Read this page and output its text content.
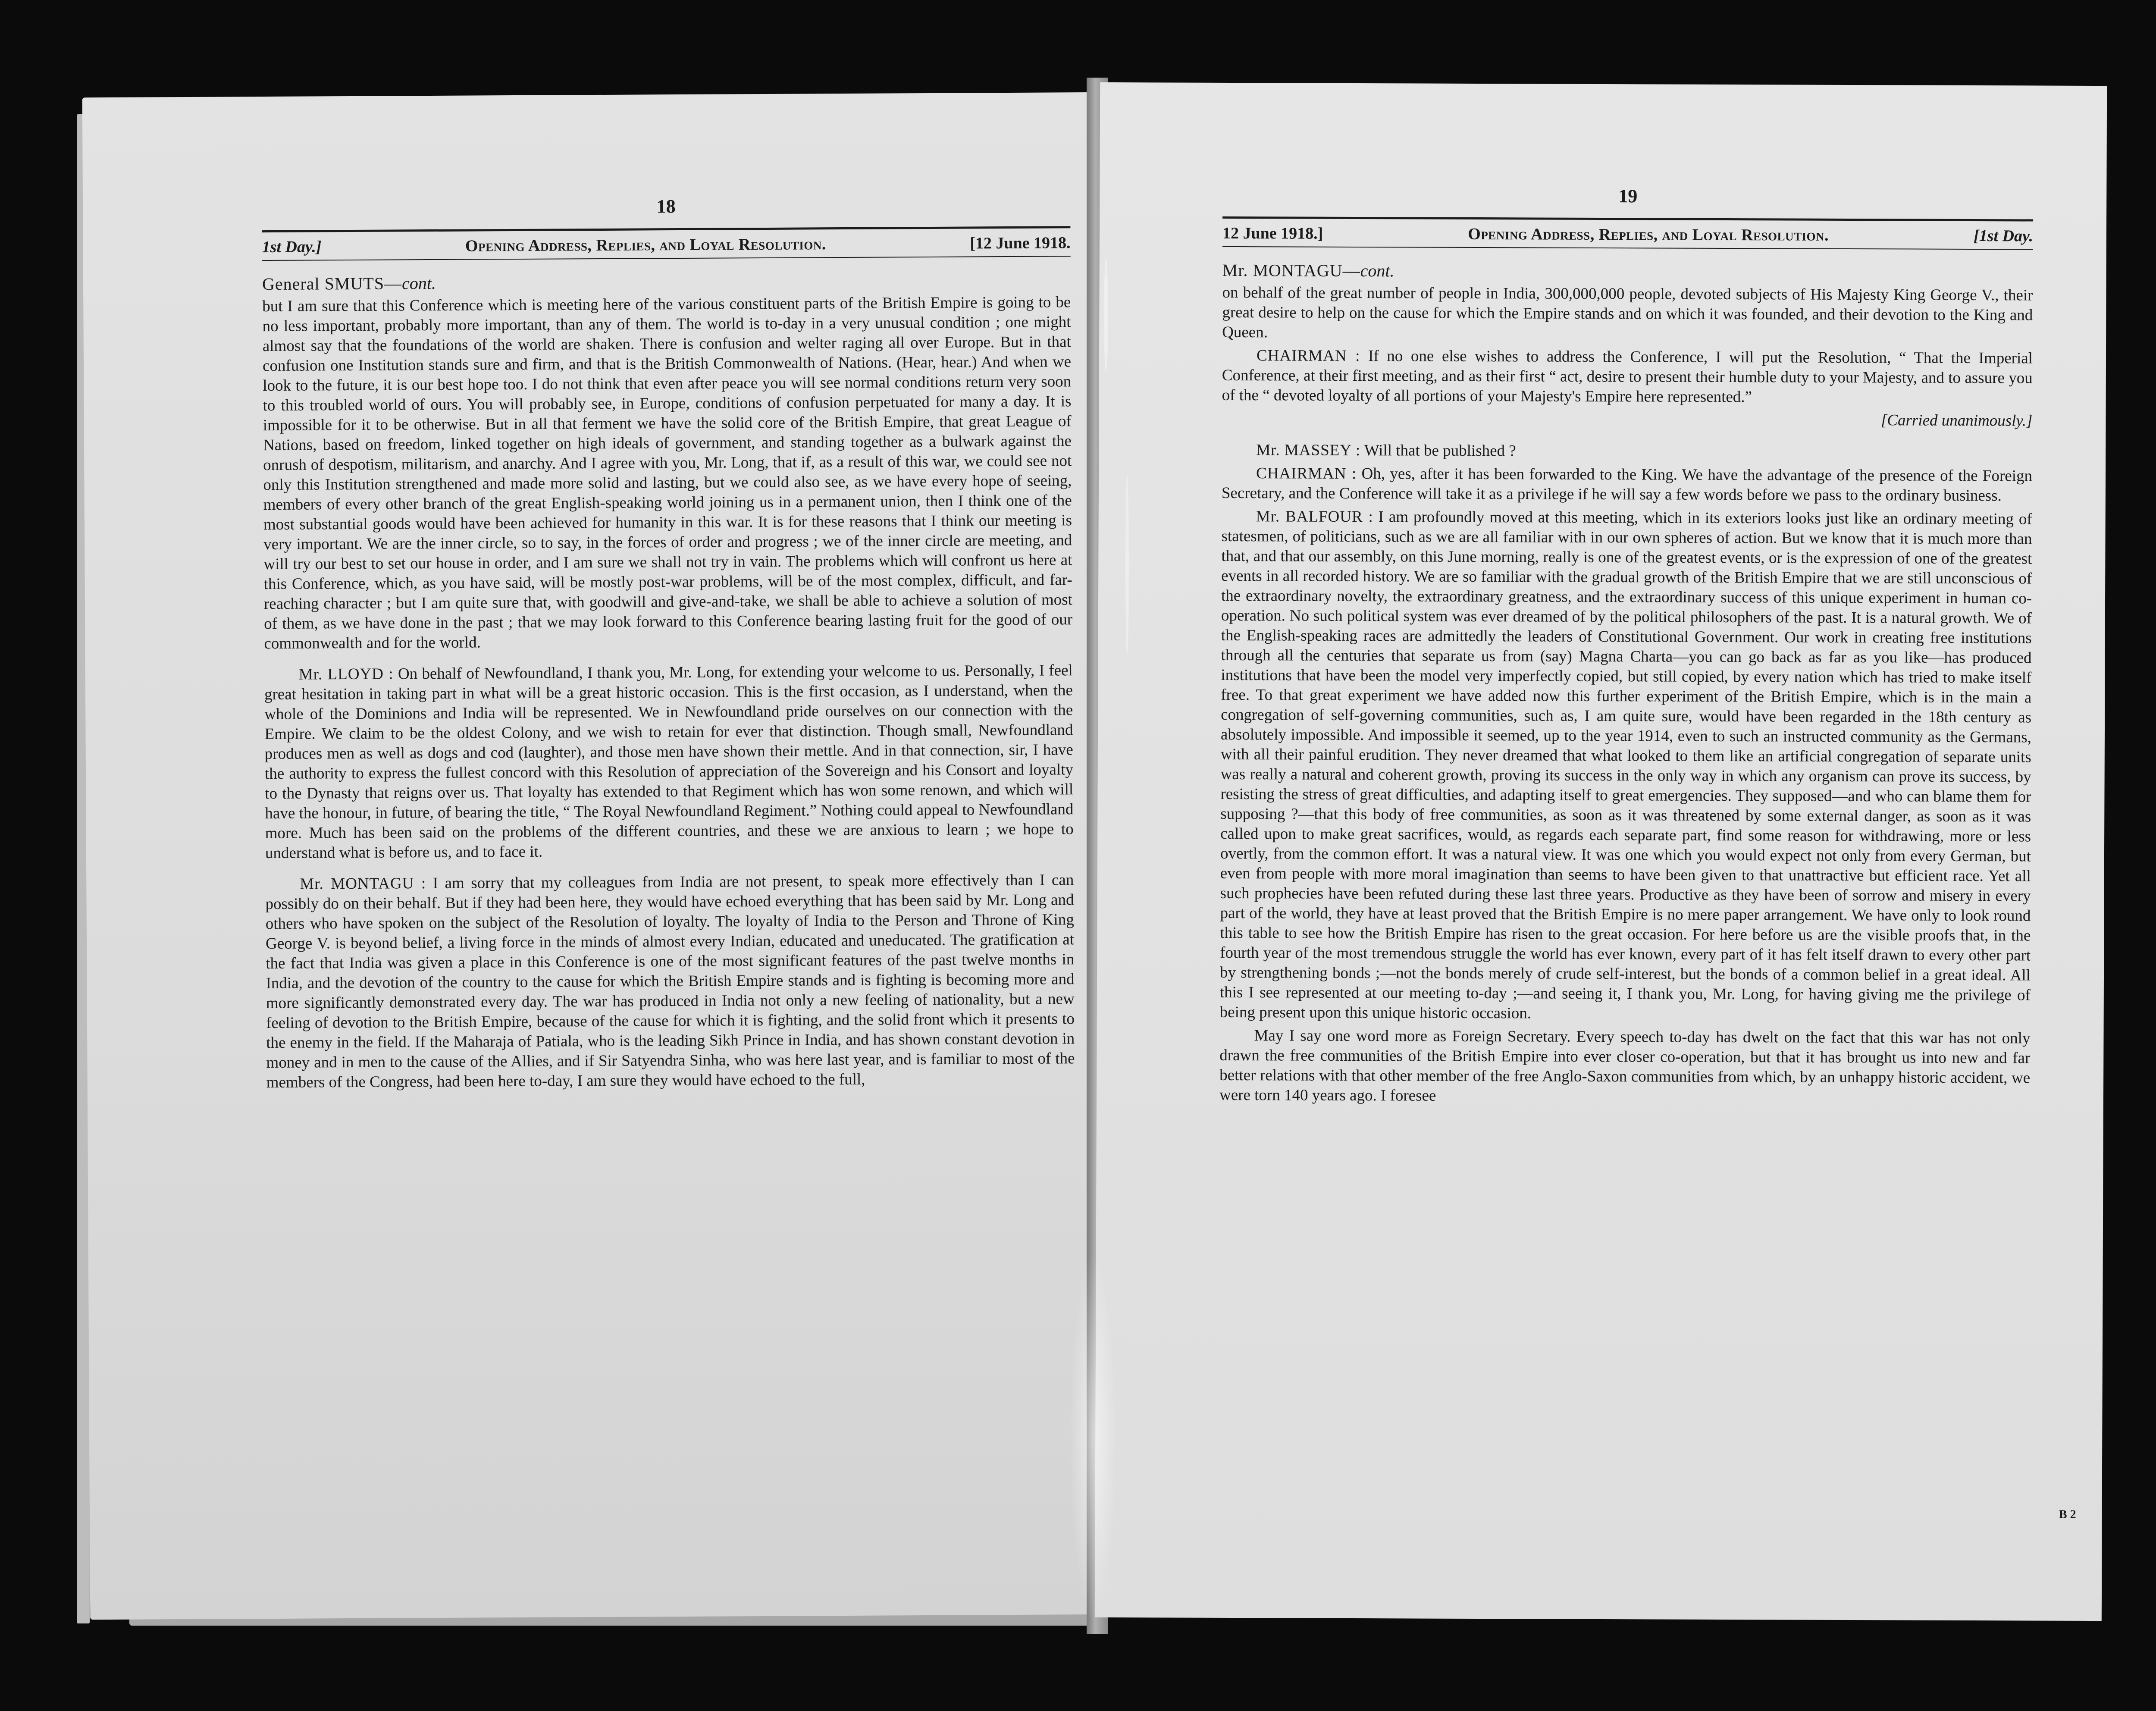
18
1st Day.]	Opening Address, Replies, and Loyal Resolution.	[12 June 1918.
General SMUTS—cont.

but I am sure that this Conference which is meeting here of the various constituent parts of the British Empire is going to be no less important, probably more important, than any of them. The world is to-day in a very unusual condition ; one might almost say that the foundations of the world are shaken. There is confusion and welter raging all over Europe. But in that confusion one Institution stands sure and firm, and that is the British Commonwealth of Nations. (Hear, hear.) And when we look to the future, it is our best hope too. I do not think that even after peace you will see normal conditions return very soon to this troubled world of ours. You will probably see, in Europe, conditions of confusion perpetuated for many a day. It is impossible for it to be otherwise. But in all that ferment we have the solid core of the British Empire, that great League of Nations, based on freedom, linked together on high ideals of government, and standing together as a bulwark against the onrush of despotism, militarism, and anarchy. And I agree with you, Mr. Long, that if, as a result of this war, we could see not only this Institution strengthened and made more solid and lasting, but we could also see, as we have every hope of seeing, members of every other branch of the great English-speaking world joining us in a permanent union, then I think one of the most substantial goods would have been achieved for humanity in this war. It is for these reasons that I think our meeting is very important. We are the inner circle, so to say, in the forces of order and progress ; we of the inner circle are meeting, and will try our best to set our house in order, and I am sure we shall not try in vain. The problems which will confront us here at this Conference, which, as you have said, will be mostly post-war problems, will be of the most complex, difficult, and far-reaching character ; but I am quite sure that, with goodwill and give-and-take, we shall be able to achieve a solution of most of them, as we have done in the past ; that we may look forward to this Conference bearing lasting fruit for the good of our commonwealth and for the world.

Mr. LLOYD : On behalf of Newfoundland, I thank you, Mr. Long, for extending your welcome to us. Personally, I feel great hesitation in taking part in what will be a great historic occasion. This is the first occasion, as I understand, when the whole of the Dominions and India will be represented. We in Newfoundland pride ourselves on our connection with the Empire. We claim to be the oldest Colony, and we wish to retain for ever that distinction. Though small, Newfoundland produces men as well as dogs and cod (laughter), and those men have shown their mettle. And in that connection, sir, I have the authority to express the fullest concord with this Resolution of appreciation of the Sovereign and his Consort and loyalty to the Dynasty that reigns over us. That loyalty has extended to that Regiment which has won some renown, and which will have the honour, in future, of bearing the title, “ The Royal Newfoundland Regiment.” Nothing could appeal to Newfoundland more. Much has been said on the problems of the different countries, and these we are anxious to learn ; we hope to understand what is before us, and to face it.

Mr. MONTAGU : I am sorry that my colleagues from India are not present, to speak more effectively than I can possibly do on their behalf. But if they had been here, they would have echoed everything that has been said by Mr. Long and others who have spoken on the subject of the Resolution of loyalty. The loyalty of India to the Person and Throne of King George V. is beyond belief, a living force in the minds of almost every Indian, educated and uneducated. The gratification at the fact that India was given a place in this Conference is one of the most significant features of the past twelve months in India, and the devotion of the country to the cause for which the British Empire stands and is fighting is becoming more and more significantly demonstrated every day. The war has produced in India not only a new feeling of nationality, but a new feeling of devotion to the British Empire, because of the cause for which it is fighting, and the solid front which it presents to the enemy in the field. If the Maharaja of Patiala, who is the leading Sikh Prince in India, and has shown constant devotion in money and in men to the cause of the Allies, and if Sir Satyendra Sinha, who was here last year, and is familiar to most of the members of the Congress, had been here to-day, I am sure they would have echoed to the full,

19
12 June 1918.]	Opening Address, Replies, and Loyal Resolution.	[1st Day.
Mr. MONTAGU—cont.

on behalf of the great number of people in India, 300,000,000 people, devoted subjects of His Majesty King George V., their great desire to help on the cause for which the Empire stands and on which it was founded, and their devotion to the King and Queen.

CHAIRMAN : If no one else wishes to address the Conference, I will put the Resolution, “ That the Imperial Conference, at their first meeting, and as their first “ act, desire to present their humble duty to your Majesty, and to assure you of the “ devoted loyalty of all portions of your Majesty's Empire here represented.”

[Carried unanimously.]

Mr. MASSEY : Will that be published ?

CHAIRMAN : Oh, yes, after it has been forwarded to the King. We have the advantage of the presence of the Foreign Secretary, and the Conference will take it as a privilege if he will say a few words before we pass to the ordinary business.

Mr. BALFOUR : I am profoundly moved at this meeting, which in its exteriors looks just like an ordinary meeting of statesmen, of politicians, such as we are all familiar with in our own spheres of action. But we know that it is much more than that, and that our assembly, on this June morning, really is one of the greatest events, or is the expression of one of the greatest events in all recorded history. We are so familiar with the gradual growth of the British Empire that we are still unconscious of the extraordinary novelty, the extraordinary greatness, and the extraordinary success of this unique experiment in human co-operation. No such political system was ever dreamed of by the political philosophers of the past. It is a natural growth. We of the English-speaking races are admittedly the leaders of Constitutional Government. Our work in creating free institutions through all the centuries that separate us from (say) Magna Charta—you can go back as far as you like—has produced institutions that have been the model very imperfectly copied, but still copied, by every nation which has tried to make itself free. To that great experiment we have added now this further experiment of the British Empire, which is in the main a congregation of self-governing communities, such as, I am quite sure, would have been regarded in the 18th century as absolutely impossible. And impossible it seemed, up to the year 1914, even to such an instructed community as the Germans, with all their painful erudition. They never dreamed that what looked to them like an artificial congregation of separate units was really a natural and coherent growth, proving its success in the only way in which any organism can prove its success, by resisting the stress of great difficulties, and adapting itself to great emergencies. They supposed—and who can blame them for supposing ?—that this body of free communities, as soon as it was threatened by some external danger, as soon as it was called upon to make great sacrifices, would, as regards each separate part, find some reason for withdrawing, more or less overtly, from the common effort. It was a natural view. It was one which you would expect not only from every German, but even from people with more moral imagination than seems to have been given to that unattractive but efficient race. Yet all such prophecies have been refuted during these last three years. Productive as they have been of sorrow and misery in every part of the world, they have at least proved that the British Empire is no mere paper arrangement. We have only to look round this table to see how the British Empire has risen to the great occasion. For here before us are the visible proofs that, in the fourth year of the most tremendous struggle the world has ever known, every part of it has felt itself drawn to every other part by strengthening bonds ;—not the bonds merely of crude self-interest, but the bonds of a common belief in a great ideal. All this I see represented at our meeting to-day ;—and seeing it, I thank you, Mr. Long, for having giving me the privilege of being present upon this unique historic occasion.

May I say one word more as Foreign Secretary. Every speech to-day has dwelt on the fact that this war has not only drawn the free communities of the British Empire into ever closer co-operation, but that it has brought us into new and far better relations with that other member of the free Anglo-Saxon communities from which, by an unhappy historic accident, we were torn 140 years ago. I foresee

B 2
